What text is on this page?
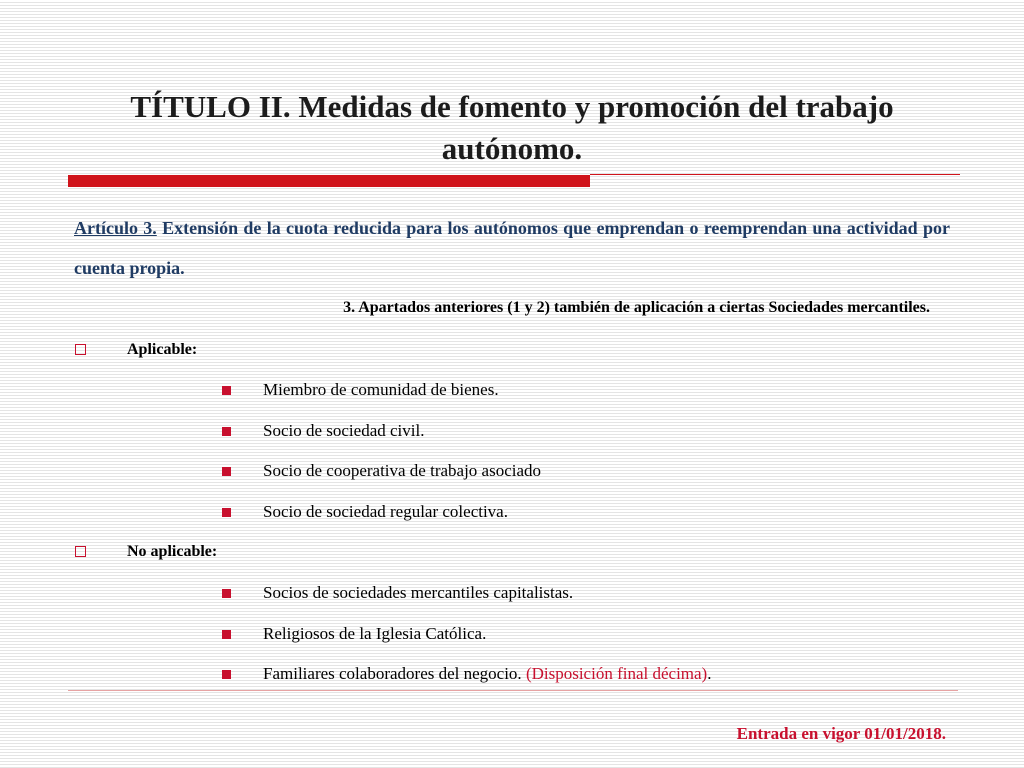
TÍTULO II. Medidas de fomento y promoción del trabajo
autónomo.
Artículo 3. Extensión de la cuota reducida para los autónomos que emprendan o reemprendan una actividad por cuenta propia.
3. Apartados anteriores (1 y 2) también de aplicación a ciertas Sociedades mercantiles.
Aplicable:
Miembro de comunidad de bienes.
Socio de sociedad civil.
Socio de cooperativa de trabajo asociado
Socio de sociedad regular colectiva.
No aplicable:
Socios de sociedades mercantiles capitalistas.
Religiosos de la Iglesia Católica.
Familiares colaboradores del negocio. (Disposición final décima).
Entrada en vigor 01/01/2018.
